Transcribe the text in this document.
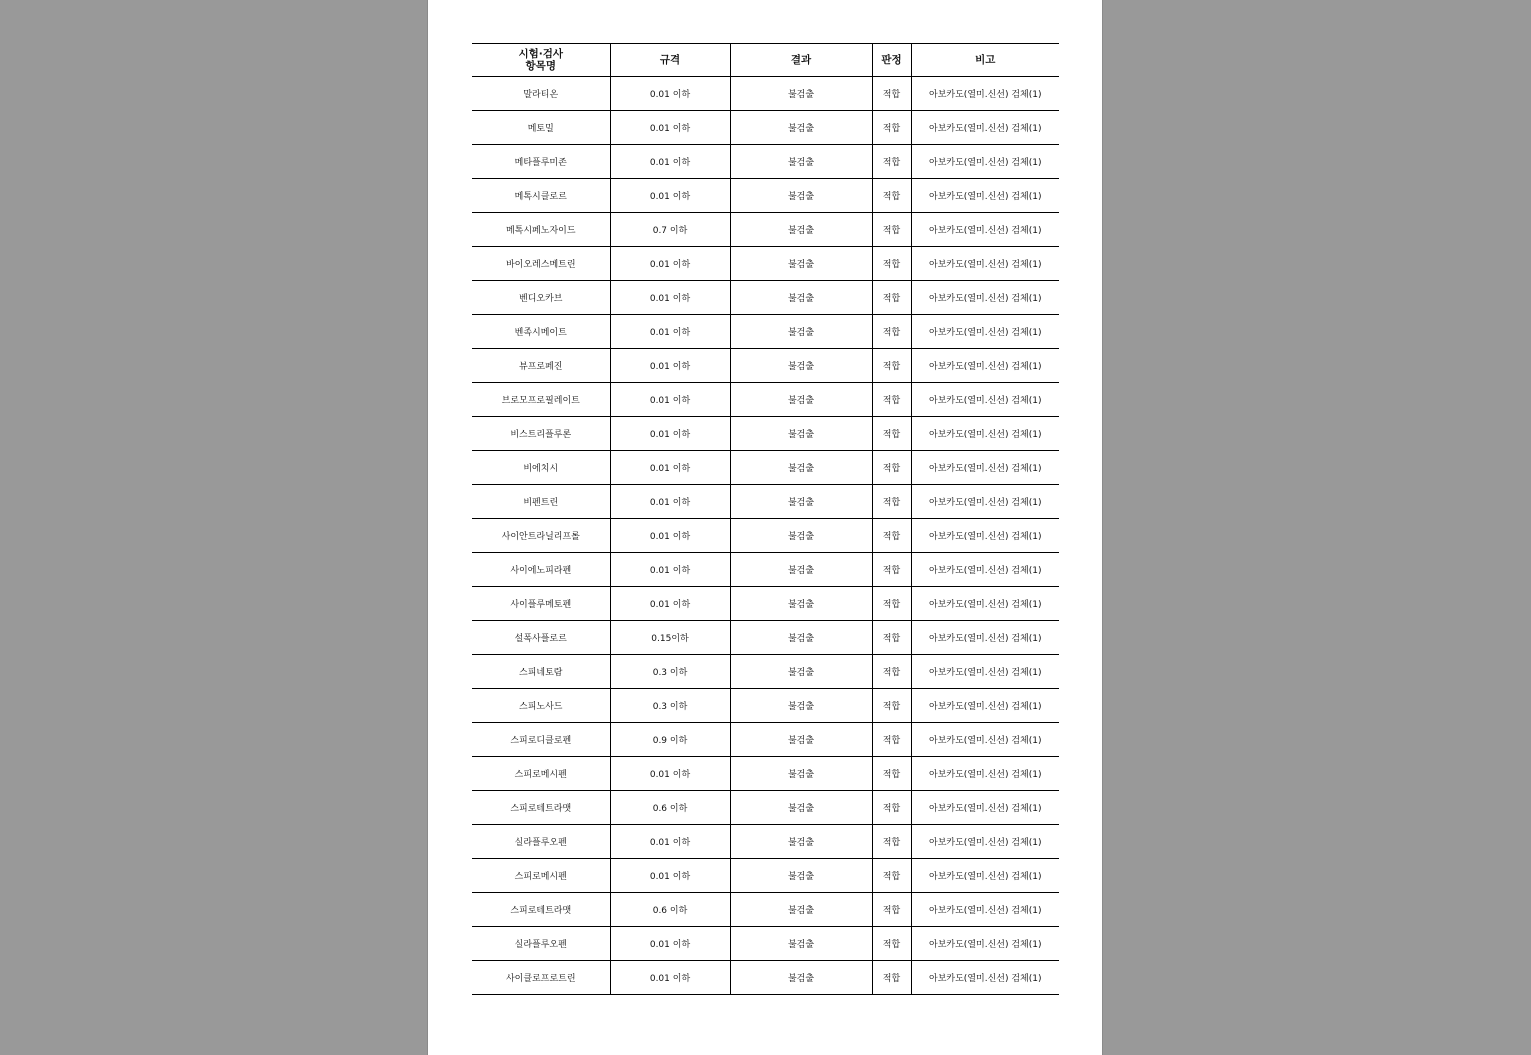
시험·검사
항목명	규격	결과	판정	비고
말라티온	0.01 이하	불검출	적합	아보카도(열미.신선) 검체(1)
메토밀	0.01 이하	불검출	적합	아보카도(열미.신선) 검체(1)
메타플루미존	0.01 이하	불검출	적합	아보카도(열미.신선) 검체(1)
메톡시클로르	0.01 이하	불검출	적합	아보카도(열미.신선) 검체(1)
메톡시페노자이드	0.7 이하	불검출	적합	아보카도(열미.신선) 검체(1)
바이오레스메트린	0.01 이하	불검출	적합	아보카도(열미.신선) 검체(1)
벤디오카브	0.01 이하	불검출	적합	아보카도(열미.신선) 검체(1)
벤족시메이트	0.01 이하	불검출	적합	아보카도(열미.신선) 검체(1)
뷰프로페진	0.01 이하	불검출	적합	아보카도(열미.신선) 검체(1)
브로모프로필레이트	0.01 이하	불검출	적합	아보카도(열미.신선) 검체(1)
비스트리플루론	0.01 이하	불검출	적합	아보카도(열미.신선) 검체(1)
비에치시	0.01 이하	불검출	적합	아보카도(열미.신선) 검체(1)
비펜트린	0.01 이하	불검출	적합	아보카도(열미.신선) 검체(1)
사이안트라닐리프롤	0.01 이하	불검출	적합	아보카도(열미.신선) 검체(1)
사이에노피라펜	0.01 이하	불검출	적합	아보카도(열미.신선) 검체(1)
사이플루메토펜	0.01 이하	불검출	적합	아보카도(열미.신선) 검체(1)
설폭사플로르	0.15이하	불검출	적합	아보카도(열미.신선) 검체(1)
스피네토람	0.3 이하	불검출	적합	아보카도(열미.신선) 검체(1)
스피노사드	0.3 이하	불검출	적합	아보카도(열미.신선) 검체(1)
스피로디클로펜	0.9 이하	불검출	적합	아보카도(열미.신선) 검체(1)
스피로메시펜	0.01 이하	불검출	적합	아보카도(열미.신선) 검체(1)
스피로테트라맷	0.6 이하	불검출	적합	아보카도(열미.신선) 검체(1)
실라플루오펜	0.01 이하	불검출	적합	아보카도(열미.신선) 검체(1)
스피로메시펜	0.01 이하	불검출	적합	아보카도(열미.신선) 검체(1)
스피로테트라맷	0.6 이하	불검출	적합	아보카도(열미.신선) 검체(1)
실라플루오펜	0.01 이하	불검출	적합	아보카도(열미.신선) 검체(1)
사이클로프로트린	0.01 이하	불검출	적합	아보카도(열미.신선) 검체(1)
